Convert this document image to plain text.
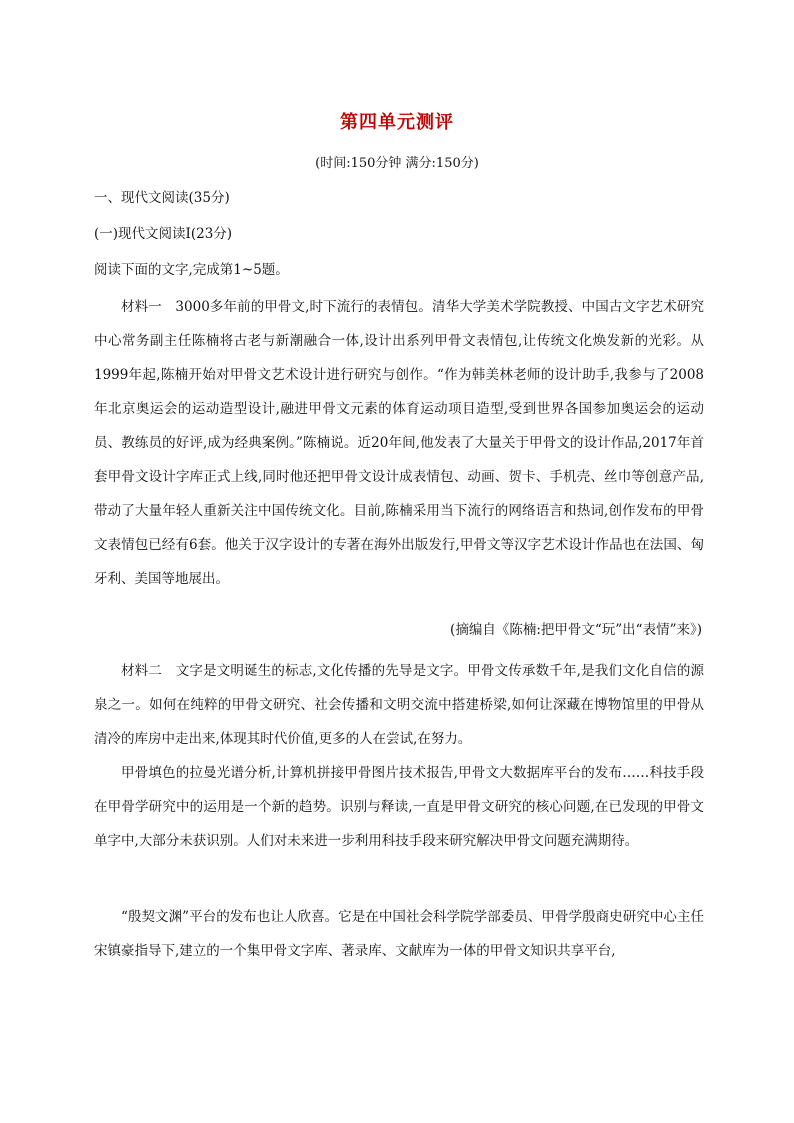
第四单元测评
(时间:150分钟 满分:150分)
一、现代文阅读(35分)
(一)现代文阅读Ⅰ(23分)
阅读下面的文字,完成第1~5题。
材料一　3000多年前的甲骨文,时下流行的表情包。清华大学美术学院教授、中国古文字艺术研究中心常务副主任陈楠将古老与新潮融合一体,设计出系列甲骨文表情包,让传统文化焕发新的光彩。从1999年起,陈楠开始对甲骨文艺术设计进行研究与创作。“作为韩美林老师的设计助手,我参与了2008年北京奥运会的运动造型设计,融进甲骨文元素的体育运动项目造型,受到世界各国参加奥运会的运动员、教练员的好评,成为经典案例。”陈楠说。近20年间,他发表了大量关于甲骨文的设计作品,2017年首套甲骨文设计字库正式上线,同时他还把甲骨文设计成表情包、动画、贺卡、手机壳、丝巾等创意产品,带动了大量年轻人重新关注中国传统文化。目前,陈楠采用当下流行的网络语言和热词,创作发布的甲骨文表情包已经有6套。他关于汉字设计的专著在海外出版发行,甲骨文等汉字艺术设计作品也在法国、匈牙利、美国等地展出。
(摘编自《陈楠:把甲骨文“玩”出“表情”来》)
材料二　文字是文明诞生的标志,文化传播的先导是文字。甲骨文传承数千年,是我们文化自信的源泉之一。如何在纯粹的甲骨文研究、社会传播和文明交流中搭建桥梁,如何让深藏在博物馆里的甲骨从清冷的库房中走出来,体现其时代价值,更多的人在尝试,在努力。
甲骨填色的拉曼光谱分析,计算机拼接甲骨图片技术报告,甲骨文大数据库平台的发布……科技手段在甲骨学研究中的运用是一个新的趋势。识别与释读,一直是甲骨文研究的核心问题,在已发现的甲骨文单字中,大部分未获识别。人们对未来进一步利用科技手段来研究解决甲骨文问题充满期待。
“殷契文渊”平台的发布也让人欣喜。它是在中国社会科学院学部委员、甲骨学殷商史研究中心主任宋镇豪指导下,建立的一个集甲骨文字库、著录库、文献库为一体的甲骨文知识共享平台,
